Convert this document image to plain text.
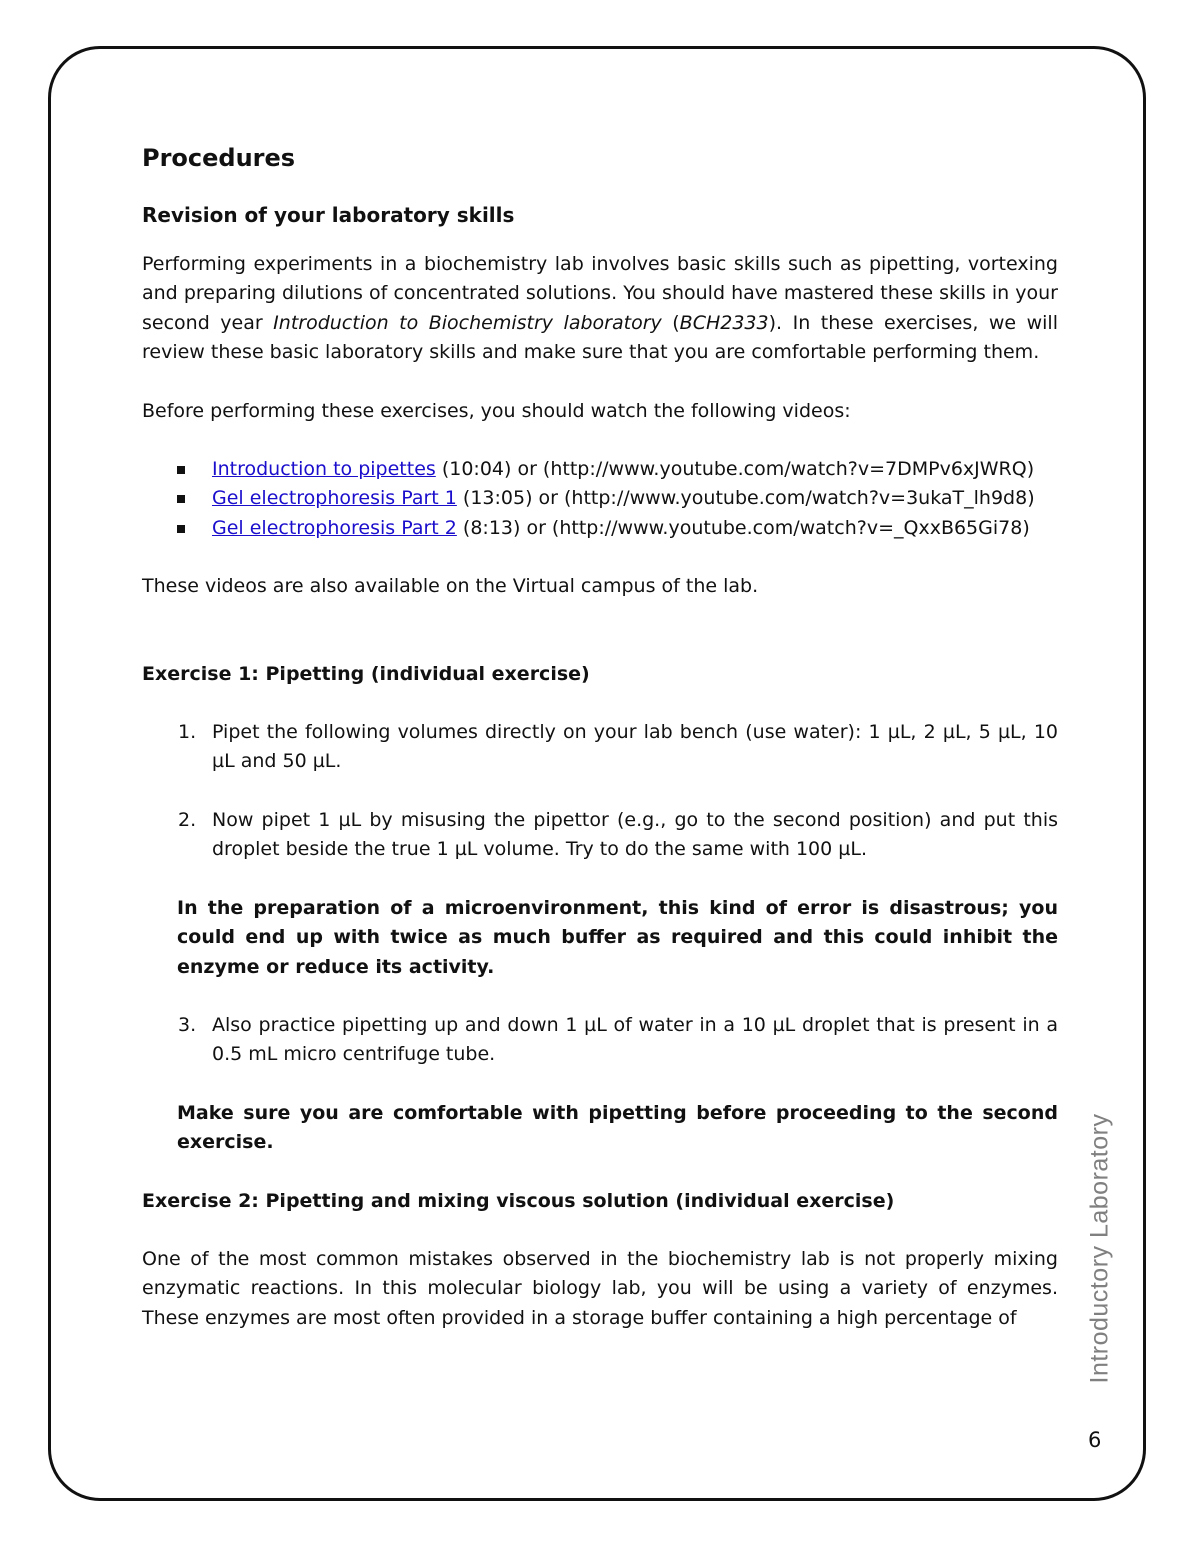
Procedures
Revision of your laboratory skills

Performing experiments in a biochemistry lab involves basic skills such as pipetting, vortexing and preparing dilutions of concentrated solutions. You should have mastered these skills in your second year Introduction to Biochemistry laboratory (BCH2333). In these exercises, we will review these basic laboratory skills and make sure that you are comfortable performing them.

Before performing these exercises, you should watch the following videos:

Introduction to pipettes (10:04) or (http://www.youtube.com/watch?v=7DMPv6xJWRQ)
Gel electrophoresis Part 1 (13:05) or (http://www.youtube.com/watch?v=3ukaT_lh9d8)
Gel electrophoresis Part 2 (8:13) or (http://www.youtube.com/watch?v=_QxxB65Gi78)

These videos are also available on the Virtual campus of the lab.

Exercise 1: Pipetting (individual exercise)

1. Pipet the following volumes directly on your lab bench (use water): 1 µL, 2 µL, 5 µL, 10 µL and 50 µL.
2. Now pipet 1 µL by misusing the pipettor (e.g., go to the second position) and put this droplet beside the true 1 µL volume. Try to do the same with 100 µL.

In the preparation of a microenvironment, this kind of error is disastrous; you could end up with twice as much buffer as required and this could inhibit the enzyme or reduce its activity.

3. Also practice pipetting up and down 1 µL of water in a 10 µL droplet that is present in a 0.5 mL micro centrifuge tube.

Make sure you are comfortable with pipetting before proceeding to the second exercise.

Exercise 2: Pipetting and mixing viscous solution (individual exercise)

One of the most common mistakes observed in the biochemistry lab is not properly mixing enzymatic reactions. In this molecular biology lab, you will be using a variety of enzymes. These enzymes are most often provided in a storage buffer containing a high percentage of	Introductory Laboratory
6
